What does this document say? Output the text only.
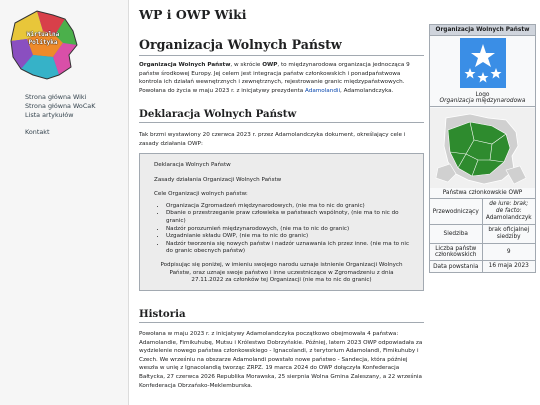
Wirtualna Polityka
Strona główna Wiki
Strona główna WoCaK
Lista artykułów
Kontakt
WP i OWP Wiki
Organizacja Wolnych Państw
Organizacja Wolnych Państw, w skrócie OWP, to międzynarodowa organizacja jednocząca 9 państw środkowej Europy. Jej celem jest integracja państw członkowskich i ponadpaństwowa kontrola ich działań wewnętrznych i zewnętrznych, rejestrowanie granic międzypaństwowych. Powołana do życia w maju 2023 r. z inicjatywy prezydenta Adamolandii, Adamolandczyka.
Deklaracja Wolnych Państw
Tak brzmi wystawiony 20 czerwca 2023 r. przez Adamolandczyka dokument, określający cele i zasady działania OWP:
Deklaracja Wolnych Państw
Zasady działania Organizacji Wolnych Państw
Cele Organizacji wolnych państw:
• Organizacja Zgromadzeń międzynarodowych, (nie ma to nic do granic)
• Dbanie o przestrzeganie praw człowieka w państwach wspólnoty, (nie ma to nic do granic)
• Nadzór porozumień międzynarodowych, (nie ma to nic do granic)
• Uzgadnianie składu OWP, (nie ma to nic do granic)
• Nadzór tworzenia się nowych państw i nadzór uznawania ich przez inne. (nie ma to nic do granic obecnych państw)
Podpisując się poniżej, w imieniu swojego narodu uznaje istnienie Organizacji Wolnych Państw, oraz uznaje swoje państwo i inne uczestniczące w Zgromadzeniu z dnia 27.11.2022 za członków tej Organizacji (nie ma to nic do granic)
Historia
Powołana w maju 2023 r. z inicjatywy Adamolandczyka początkowo obejmowała 4 państwa: Adamolandie, Fimikuhubę, Mutsu i Królestwo Dobrzyńskie. Później, latem 2023 OWP odpowiadała za wydzielenie nowego państwa członkowskiego - Ignacolandi, z terytorium Adamolandi, Fimikuhuby i Czech. We wrześniu na obszarze Adamolandi powstało nowe państwo - Sandecja, która później weszła w unię z Ignacolandią tworząc ZRPZ. 19 marca 2024 do OWP dołączyła Konfederacja Bałtycka, 27 czerwca 2026 Republika Morawska, 25 sierpnia Wolna Gmina Zaleszany, a 22 września Konfederacja Obrzańsko-Meklemburska.
Organizacja Wolnych Państw
Logo
Organizacja międzynarodowa
Państwa członkowskie OWP
Przewodniczący
de iure: brak;
de facto:
Adamolandczyk
Siedziba
brak oficjalnej siedziby
Liczba państw członkowskich
9
Data powstania	16 maja 2023
